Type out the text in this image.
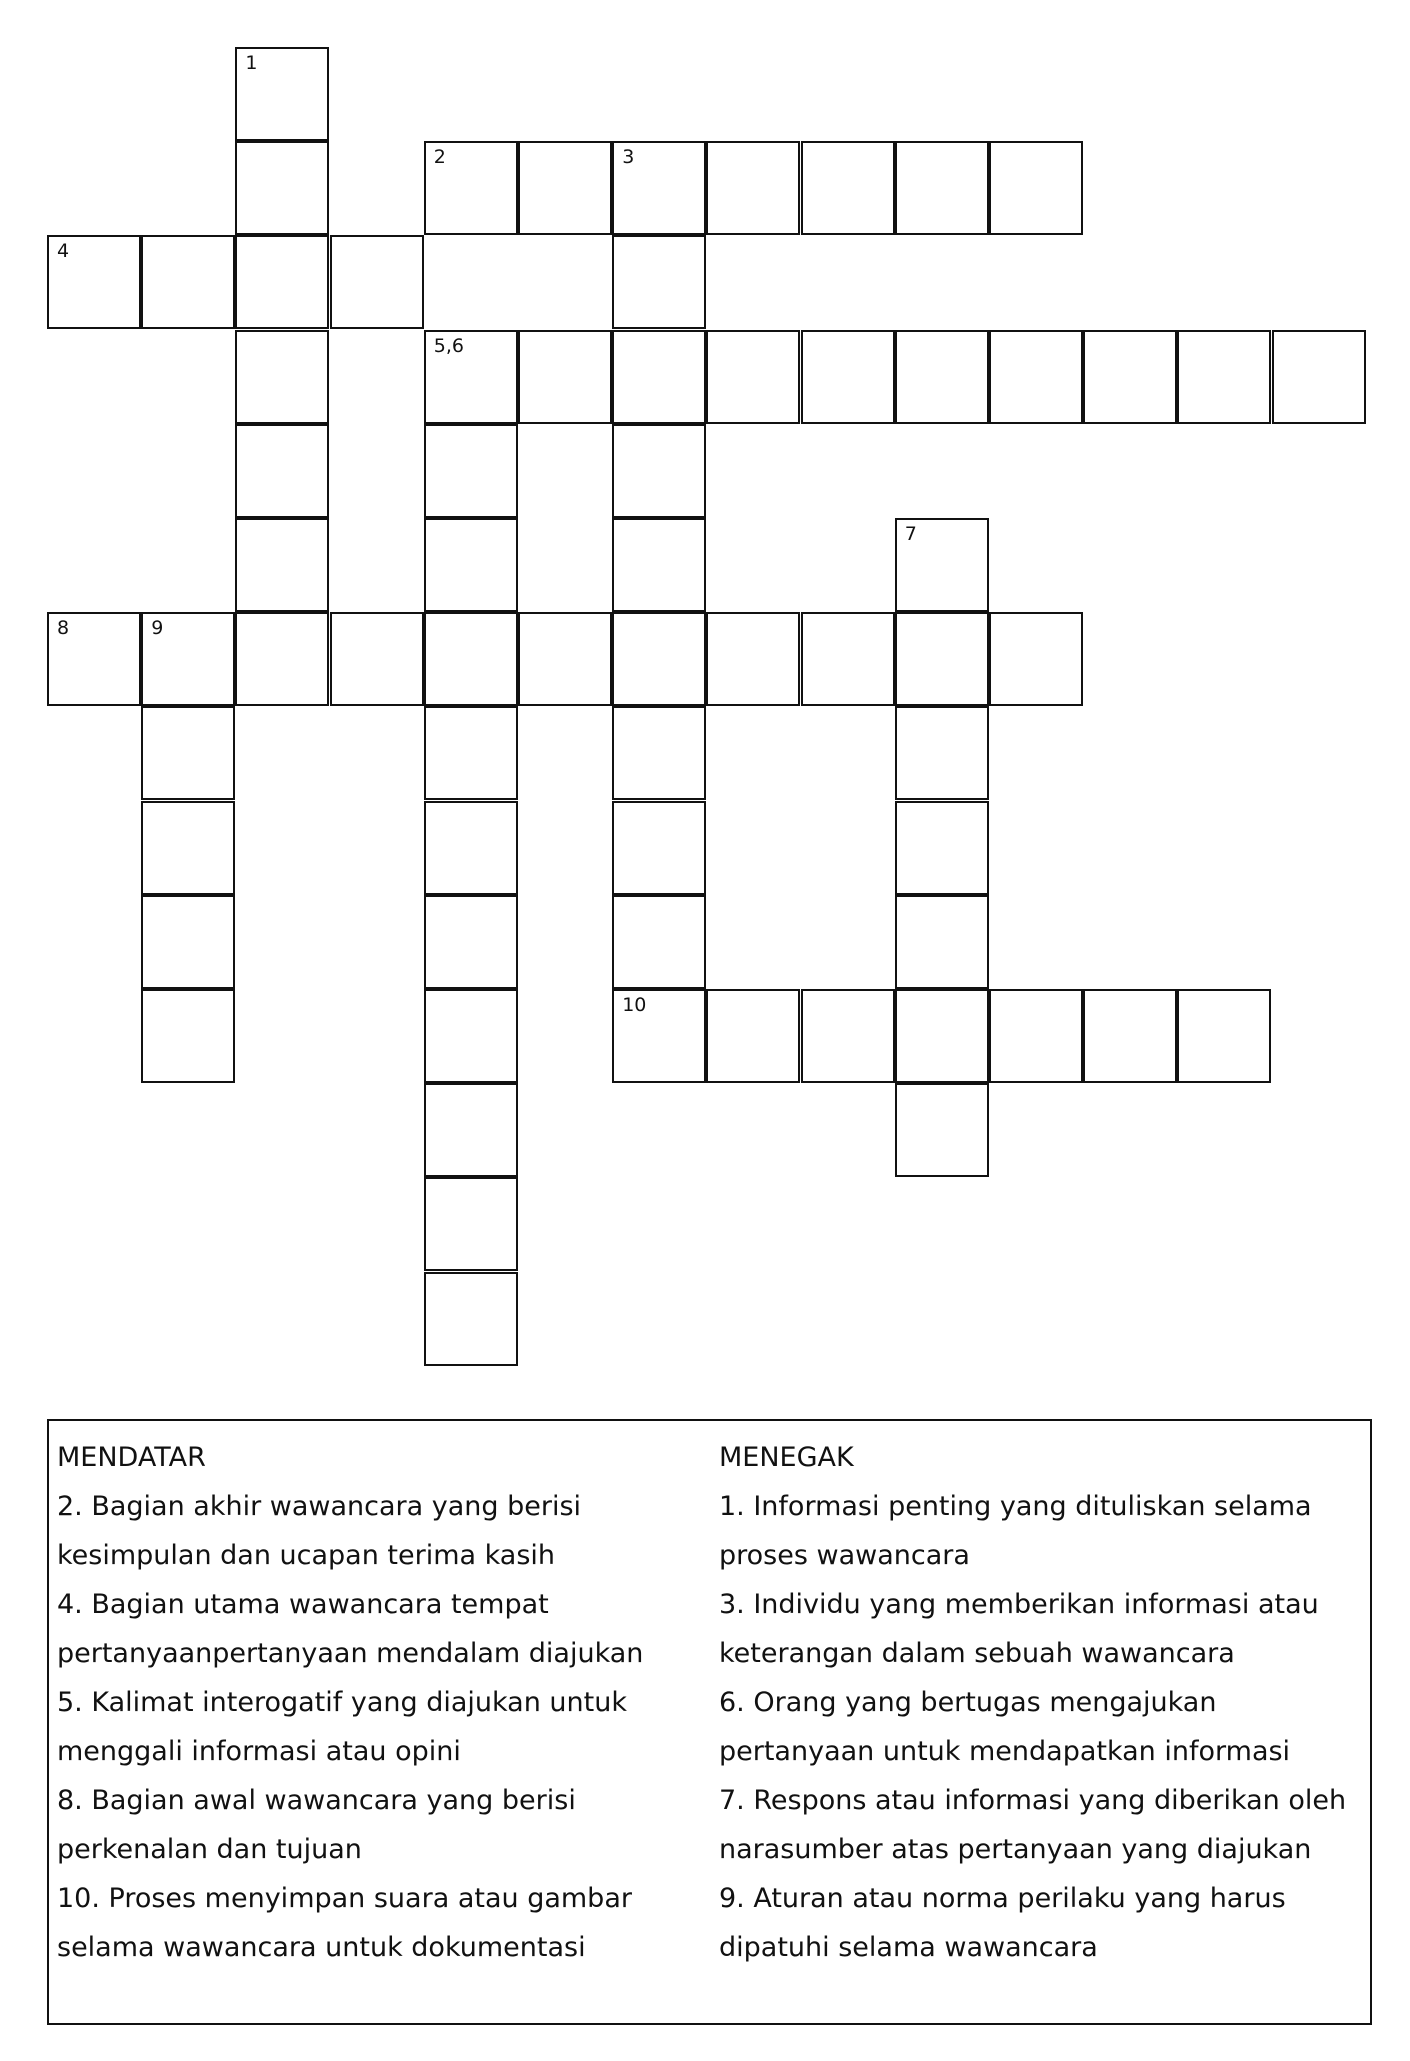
1
2	3
4
5,6
7
8	9
10
MENDATAR
2. Bagian akhir wawancara yang berisi
kesimpulan dan ucapan terima kasih
4. Bagian utama wawancara tempat
pertanyaanpertanyaan mendalam diajukan
5. Kalimat interogatif yang diajukan untuk
menggali informasi atau opini
8. Bagian awal wawancara yang berisi
perkenalan dan tujuan
10. Proses menyimpan suara atau gambar
selama wawancara untuk dokumentasi
MENEGAK
1. Informasi penting yang dituliskan selama
proses wawancara
3. Individu yang memberikan informasi atau
keterangan dalam sebuah wawancara
6. Orang yang bertugas mengajukan
pertanyaan untuk mendapatkan informasi
7. Respons atau informasi yang diberikan oleh
narasumber atas pertanyaan yang diajukan
9. Aturan atau norma perilaku yang harus
dipatuhi selama wawancara
